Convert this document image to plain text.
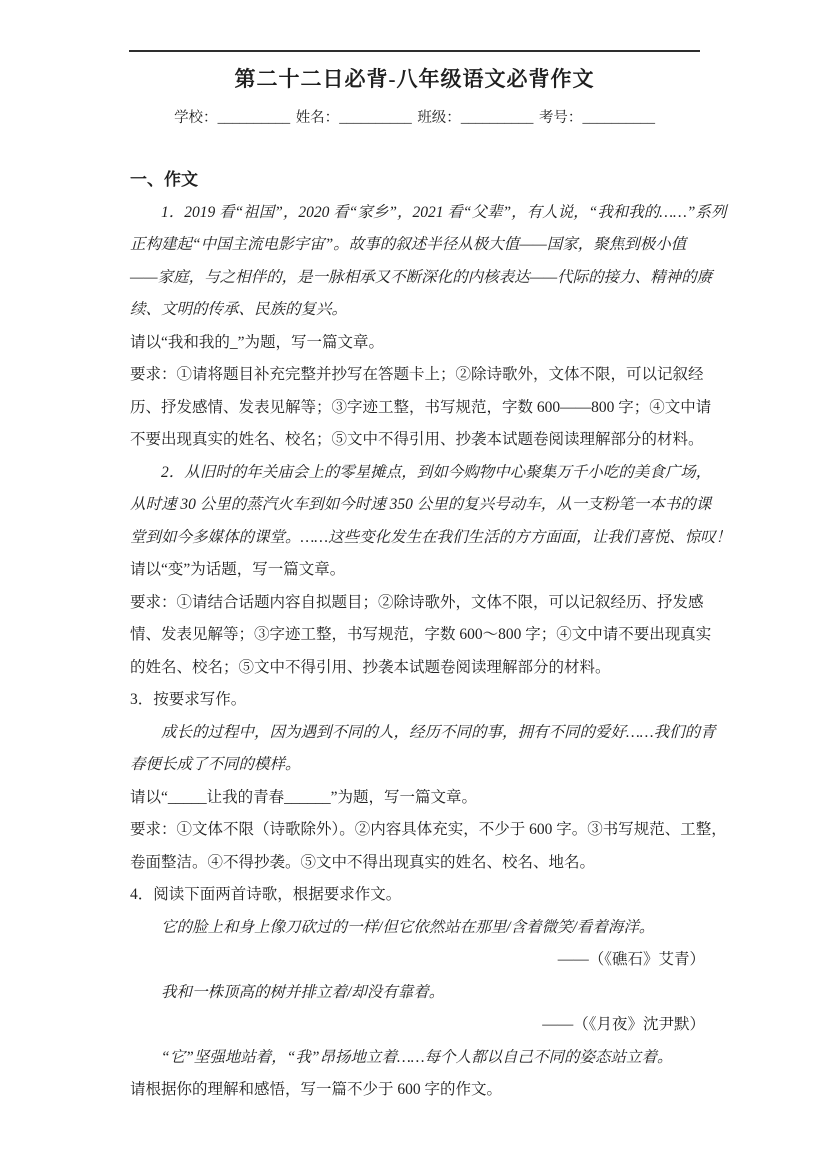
第二十二日必背-八年级语文必背作文
学校：__________ 姓名：__________ 班级：__________ 考号：__________

一、作文

1．2019 看“祖国”，2020 看“家乡”，2021 看“父辈”，有人说，“我和我的……”系列

正构建起“中国主流电影宇宙”。故事的叙述半径从极大值——国家，聚焦到极小值

——家庭，与之相伴的，是一脉相承又不断深化的内核表达——代际的接力、精神的赓

续、文明的传承、民族的复兴。

请以“我和我的_”为题，写一篇文章。

要求：①请将题目补充完整并抄写在答题卡上；②除诗歌外，文体不限，可以记叙经

历、抒发感情、发表见解等；③字迹工整，书写规范，字数 600——800 字；④文中请

不要出现真实的姓名、校名；⑤文中不得引用、抄袭本试题卷阅读理解部分的材料。

2．从旧时的年关庙会上的零星摊点，到如今购物中心聚集万千小吃的美食广场，

从时速 30 公里的蒸汽火车到如今时速 350 公里的复兴号动车，从一支粉笔一本书的课

堂到如今多媒体的课堂。……这些变化发生在我们生活的方方面面，让我们喜悦、惊叹！

请以“变”为话题，写一篇文章。

要求：①请结合话题内容自拟题目；②除诗歌外，文体不限，可以记叙经历、抒发感

情、发表见解等；③字迹工整，书写规范，字数 600～800 字；④文中请不要出现真实

的姓名、校名；⑤文中不得引用、抄袭本试题卷阅读理解部分的材料。

3．按要求写作。

成长的过程中，因为遇到不同的人，经历不同的事，拥有不同的爱好……我们的青

春便长成了不同的模样。

请以“_____让我的青春______”为题，写一篇文章。

要求：①文体不限（诗歌除外）。②内容具体充实，不少于 600 字。③书写规范、工整，

卷面整洁。④不得抄袭。⑤文中不得出现真实的姓名、校名、地名。

4．阅读下面两首诗歌，根据要求作文。

它的脸上和身上像刀砍过的一样/但它依然站在那里/含着微笑/看着海洋。

——（《礁石》艾青）

我和一株顶高的树并排立着/却没有靠着。

——（《月夜》沈尹默）

“它”坚强地站着，“我”昂扬地立着……每个人都以自己不同的姿态站立着。

请根据你的理解和感悟，写一篇不少于 600 字的作文。
